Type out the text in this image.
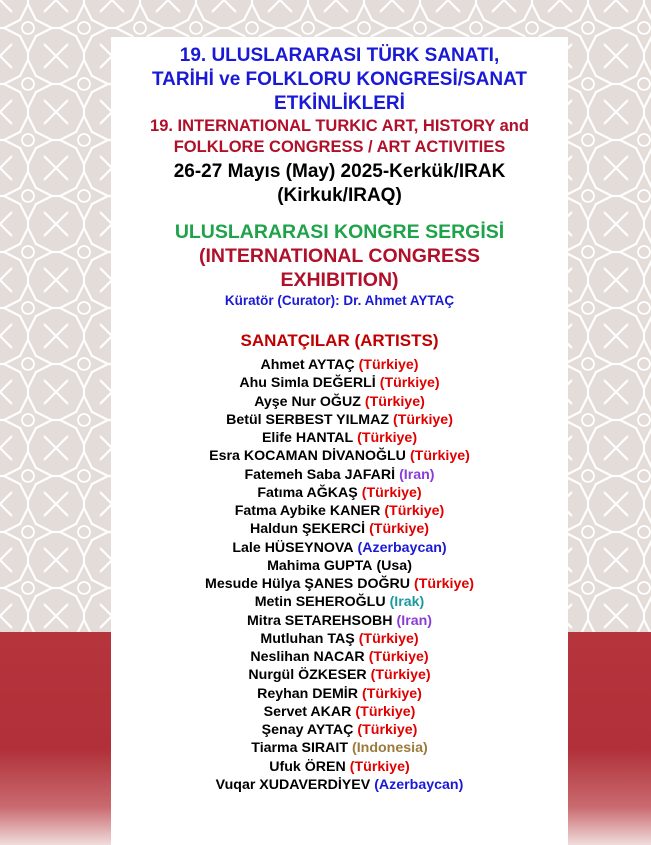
19. ULUSLARARASI TÜRK SANATI,
TARİHİ ve FOLKLORU KONGRESİ/SANAT
ETKİNLİKLERİ
19. INTERNATIONAL TURKIC ART, HISTORY and
FOLKLORE CONGRESS / ART ACTIVITIES
26-27 Mayıs (May) 2025-Kerkük/IRAK
(Kirkuk/IRAQ)
ULUSLARARASI KONGRE SERGİSİ
(INTERNATIONAL CONGRESS
EXHIBITION)
Küratör (Curator): Dr. Ahmet AYTAÇ
SANATÇILAR (ARTISTS)
Ahmet AYTAÇ (Türkiye)
Ahu Simla DEĞERLİ (Türkiye)
Ayşe Nur OĞUZ (Türkiye)
Betül SERBEST YILMAZ (Türkiye)
Elife HANTAL (Türkiye)
Esra KOCAMAN DİVANOĞLU (Türkiye)
Fatemeh Saba JAFARİ (Iran)
Fatıma AĞKAŞ (Türkiye)
Fatma Aybike KANER (Türkiye)
Haldun ŞEKERCİ (Türkiye)
Lale HÜSEYNOVA (Azerbaycan)
Mahima GUPTA (Usa)
Mesude Hülya ŞANES DOĞRU (Türkiye)
Metin SEHEROĞLU (Irak)
Mitra SETAREHSOBH (Iran)
Mutluhan TAŞ (Türkiye)
Neslihan NACAR (Türkiye)
Nurgül ÖZKESER (Türkiye)
Reyhan DEMİR (Türkiye)
Servet AKAR (Türkiye)
Şenay AYTAÇ (Türkiye)
Tiarma SIRAIT (Indonesia)
Ufuk ÖREN (Türkiye)
Vuqar XUDAVERDİYEV (Azerbaycan)
